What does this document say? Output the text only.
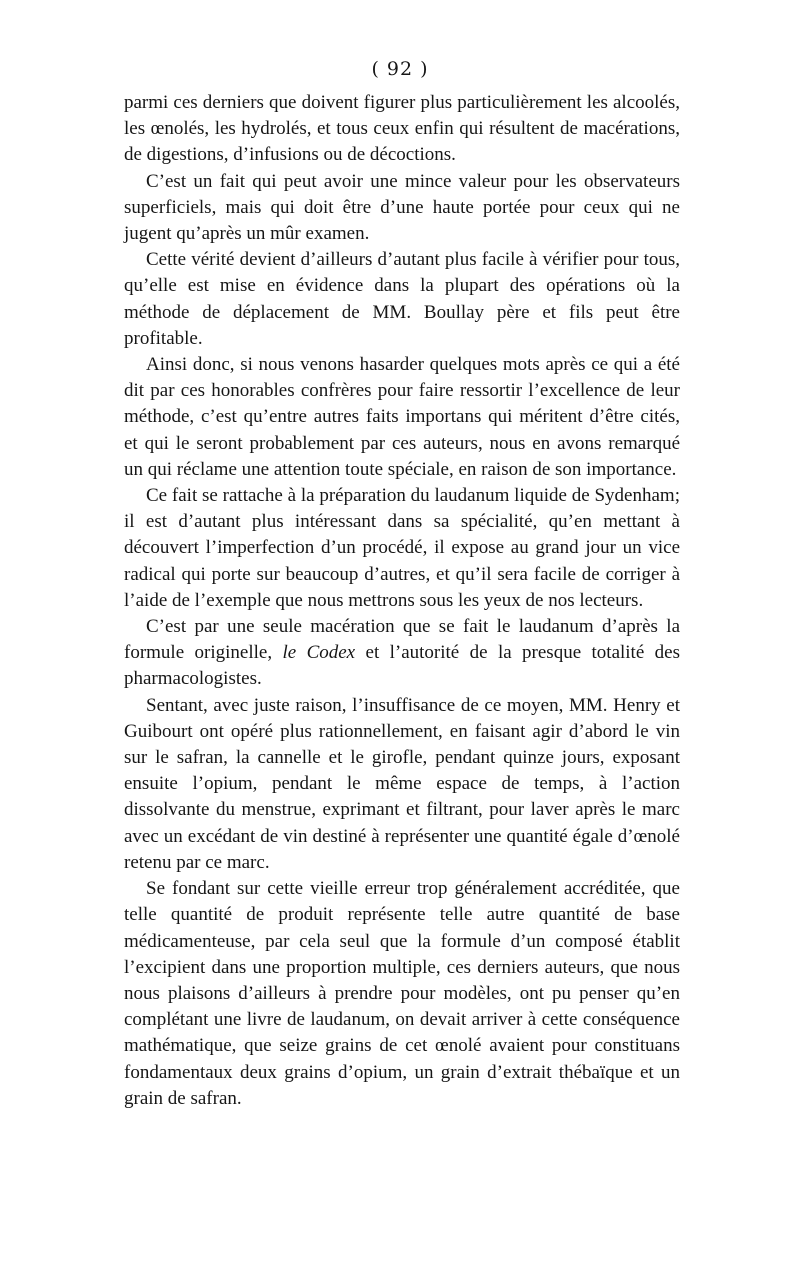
( 92 )

parmi ces derniers que doivent figurer plus particulièrement les alcoolés, les œnolés, les hydrolés, et tous ceux enfin qui résultent de macérations, de digestions, d’infusions ou de décoctions.

C’est un fait qui peut avoir une mince valeur pour les observateurs superficiels, mais qui doit être d’une haute portée pour ceux qui ne jugent qu’après un mûr examen.

Cette vérité devient d’ailleurs d’autant plus facile à vérifier pour tous, qu’elle est mise en évidence dans la plupart des opérations où la méthode de déplacement de MM. Boullay père et fils peut être profitable.

Ainsi donc, si nous venons hasarder quelques mots après ce qui a été dit par ces honorables confrères pour faire ressortir l’excellence de leur méthode, c’est qu’entre autres faits importans qui méritent d’être cités, et qui le seront probablement par ces auteurs, nous en avons remarqué un qui réclame une attention toute spéciale, en raison de son importance.

Ce fait se rattache à la préparation du laudanum liquide de Sydenham; il est d’autant plus intéressant dans sa spécialité, qu’en mettant à découvert l’imperfection d’un procédé, il expose au grand jour un vice radical qui porte sur beaucoup d’autres, et qu’il sera facile de corriger à l’aide de l’exemple que nous mettrons sous les yeux de nos lecteurs.

C’est par une seule macération que se fait le laudanum d’après la formule originelle, le Codex et l’autorité de la presque totalité des pharmacologistes.

Sentant, avec juste raison, l’insuffisance de ce moyen, MM. Henry et Guibourt ont opéré plus rationnellement, en faisant agir d’abord le vin sur le safran, la cannelle et le girofle, pendant quinze jours, exposant ensuite l’opium, pendant le même espace de temps, à l’action dissolvante du menstrue, exprimant et filtrant, pour laver après le marc avec un excédant de vin destiné à représenter une quantité égale d’œnolé retenu par ce marc.

Se fondant sur cette vieille erreur trop généralement accréditée, que telle quantité de produit représente telle autre quantité de base médicamenteuse, par cela seul que la formule d’un composé établit l’excipient dans une proportion multiple, ces derniers auteurs, que nous nous plaisons d’ailleurs à prendre pour modèles, ont pu penser qu’en complétant une livre de laudanum, on devait arriver à cette conséquence mathématique, que seize grains de cet œnolé avaient pour constituans fondamentaux deux grains d’opium, un grain d’extrait thébaïque et un grain de safran.
